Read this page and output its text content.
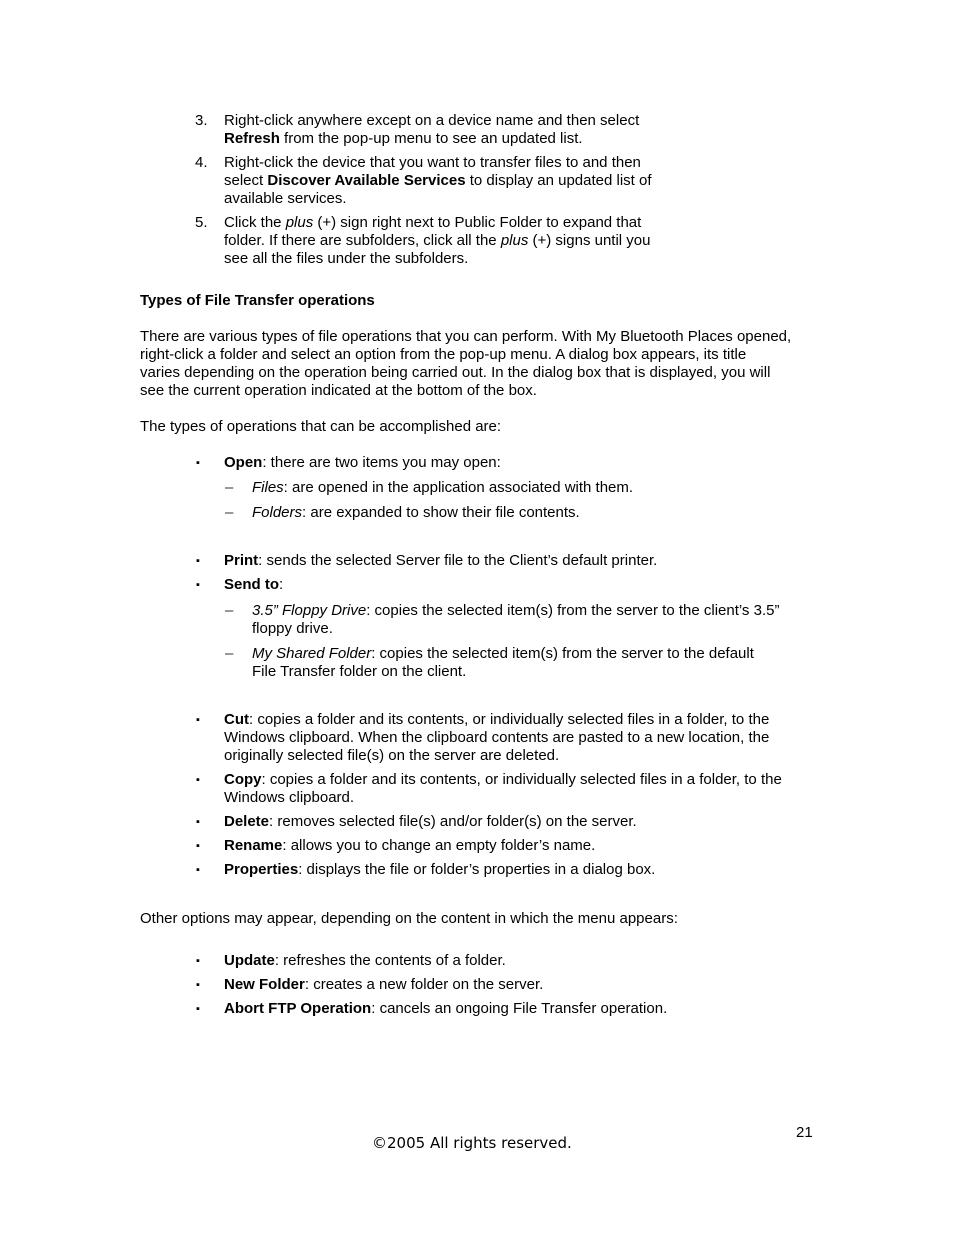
3.	Right-click anywhere except on a device name and then select
Refresh from the pop-up menu to see an updated list.
4.	Right-click the device that you want to transfer files to and then
select Discover Available Services to display an updated list of
available services.
5.	Click the plus (+) sign right next to Public Folder to expand that
folder. If there are subfolders, click all the plus (+) signs until you
see all the files under the subfolders.
Types of File Transfer operations
There are various types of file operations that you can perform. With My Bluetooth Places opened,
right-click a folder and select an option from the pop-up menu. A dialog box appears, its title
varies depending on the operation being carried out. In the dialog box that is displayed, you will
see the current operation indicated at the bottom of the box.
The types of operations that can be accomplished are:
▪ Open: there are two items you may open:
– Files: are opened in the application associated with them.
– Folders: are expanded to show their file contents.
▪ Print: sends the selected Server file to the Client’s default printer.
▪ Send to:
– 3.5” Floppy Drive: copies the selected item(s) from the server to the client’s 3.5”
floppy drive.
– My Shared Folder: copies the selected item(s) from the server to the default
File Transfer folder on the client.
▪ Cut: copies a folder and its contents, or individually selected files in a folder, to the
Windows clipboard. When the clipboard contents are pasted to a new location, the
originally selected file(s) on the server are deleted.
▪ Copy: copies a folder and its contents, or individually selected files in a folder, to the
Windows clipboard.
▪ Delete: removes selected file(s) and/or folder(s) on the server.
▪ Rename: allows you to change an empty folder’s name.
▪ Properties: displays the file or folder’s properties in a dialog box.
Other options may appear, depending on the content in which the menu appears:
▪ Update: refreshes the contents of a folder.
▪ New Folder: creates a new folder on the server.
▪ Abort FTP Operation: cancels an ongoing File Transfer operation.
21
©2005 All rights reserved.
